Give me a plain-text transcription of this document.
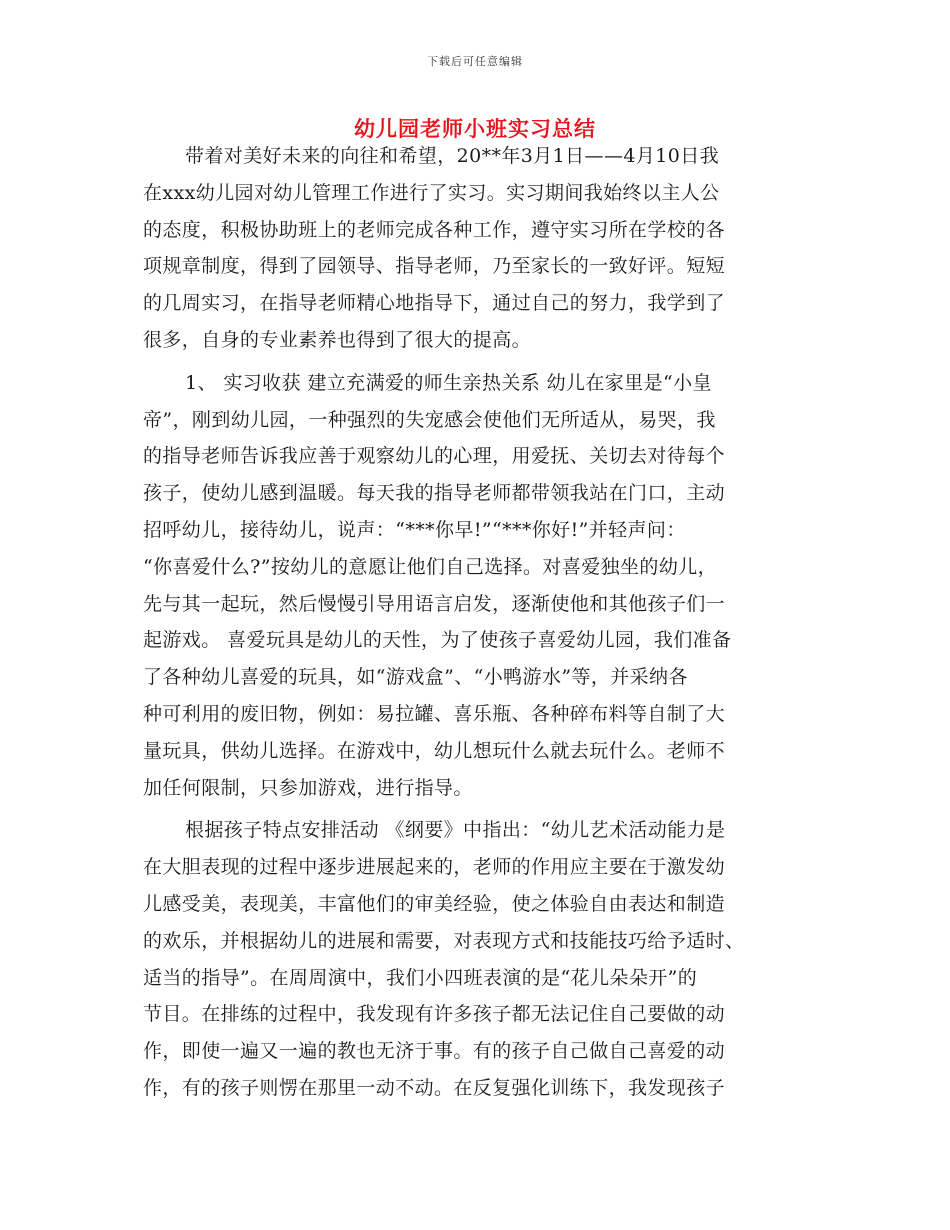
下载后可任意编辑
幼儿园老师小班实习总结
带着对美好未来的向往和希望，20**年3月1日——4月10日我
在xxx幼儿园对幼儿管理工作进行了实习。实习期间我始终以主人公
的态度，积极协助班上的老师完成各种工作，遵守实习所在学校的各
项规章制度，得到了园领导、指导老师，乃至家长的一致好评。短短
的几周实习，在指导老师精心地指导下，通过自己的努力，我学到了
很多，自身的专业素养也得到了很大的提高。
1、 实习收获 建立充满爱的师生亲热关系 幼儿在家里是“小皇
帝”，刚到幼儿园，一种强烈的失宠感会使他们无所适从，易哭，我
的指导老师告诉我应善于观察幼儿的心理，用爱抚、关切去对待每个
孩子，使幼儿感到温暖。每天我的指导老师都带领我站在门口，主动
招呼幼儿，接待幼儿，说声：“***你早!”“***你好!”并轻声问：
“你喜爱什么?”按幼儿的意愿让他们自己选择。对喜爱独坐的幼儿，
先与其一起玩，然后慢慢引导用语言启发，逐渐使他和其他孩子们一
起游戏。 喜爱玩具是幼儿的天性，为了使孩子喜爱幼儿园，我们准备
了各种幼儿喜爱的玩具，如“游戏盒”、“小鸭游水”等，并采纳各
种可利用的废旧物，例如：易拉罐、喜乐瓶、各种碎布料等自制了大
量玩具，供幼儿选择。在游戏中，幼儿想玩什么就去玩什么。老师不
加任何限制，只参加游戏，进行指导。
根据孩子特点安排活动 《纲要》中指出：“幼儿艺术活动能力是
在大胆表现的过程中逐步进展起来的，老师的作用应主要在于激发幼
儿感受美，表现美，丰富他们的审美经验，使之体验自由表达和制造
的欢乐，并根据幼儿的进展和需要，对表现方式和技能技巧给予适时、
适当的指导”。在周周演中，我们小四班表演的是“花儿朵朵开”的
节目。在排练的过程中，我发现有许多孩子都无法记住自己要做的动
作，即使一遍又一遍的教也无济于事。有的孩子自己做自己喜爱的动
作，有的孩子则愣在那里一动不动。在反复强化训练下，我发现孩子
